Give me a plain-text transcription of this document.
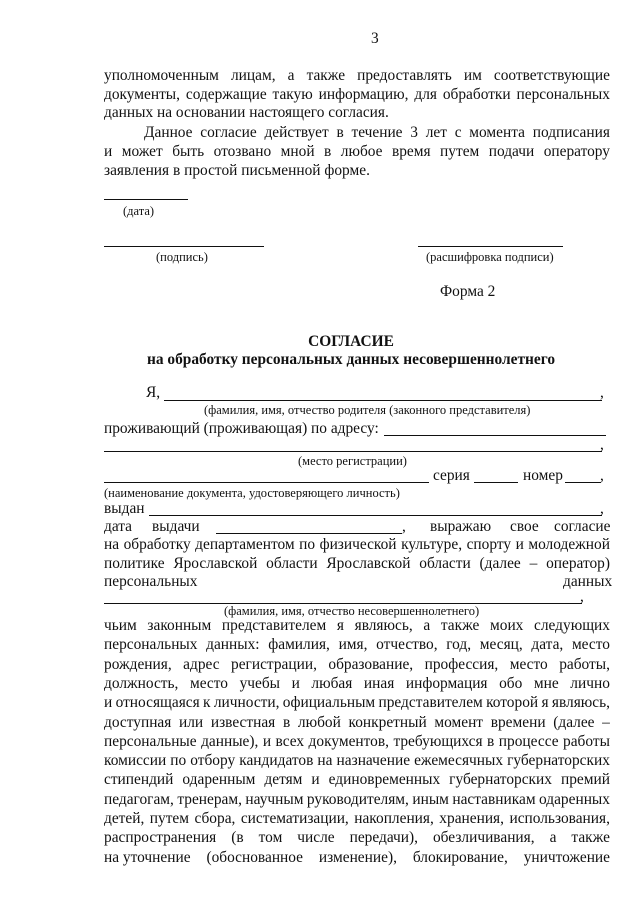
3
уполномоченным лицам, а также предоставлять им соответствующие
документы, содержащие такую информацию, для обработки персональных
данных на основании настоящего согласия.
Данное согласие действует в течение 3 лет с момента подписания
и может быть отозвано мной в любое время путем подачи оператору
заявления в простой письменной форме.
(дата)
(подпись)	(расшифровка подписи)
Форма 2
СОГЛАСИЕ
на обработку персональных данных несовершеннолетнего
Я,	,
(фамилия, имя, отчество родителя (законного представителя)
проживающий (проживающая) по адресу:
,
(место регистрации)
серия	номер ,
(наименование документа, удостоверяющего личность)
выдан	,
дата выдачи	, выражаю свое согласие
на обработку департаментом по физической культуре, спорту и молодежной
политике Ярославской области Ярославской области (далее – оператор)
персональных	данных
,
(фамилия, имя, отчество несовершеннолетнего)
чьим законным представителем я являюсь, а также моих следующих
персональных данных: фамилия, имя, отчество, год, месяц, дата, место
рождения, адрес регистрации, образование, профессия, место работы,
должность, место учебы и любая иная информация обо мне лично
и относящаяся к личности, официальным представителем которой я являюсь,
доступная или известная в любой конкретный момент времени (далее –
персональные данные), и всех документов, требующихся в процессе работы
комиссии по отбору кандидатов на назначение ежемесячных губернаторских
стипендий одаренным детям и единовременных губернаторских премий
педагогам, тренерам, научным руководителям, иным наставникам одаренных
детей, путем сбора, систематизации, накопления, хранения, использования,
распространения (в том числе передачи), обезличивания, а также
на уточнение (обоснованное изменение), блокирование, уничтожение
